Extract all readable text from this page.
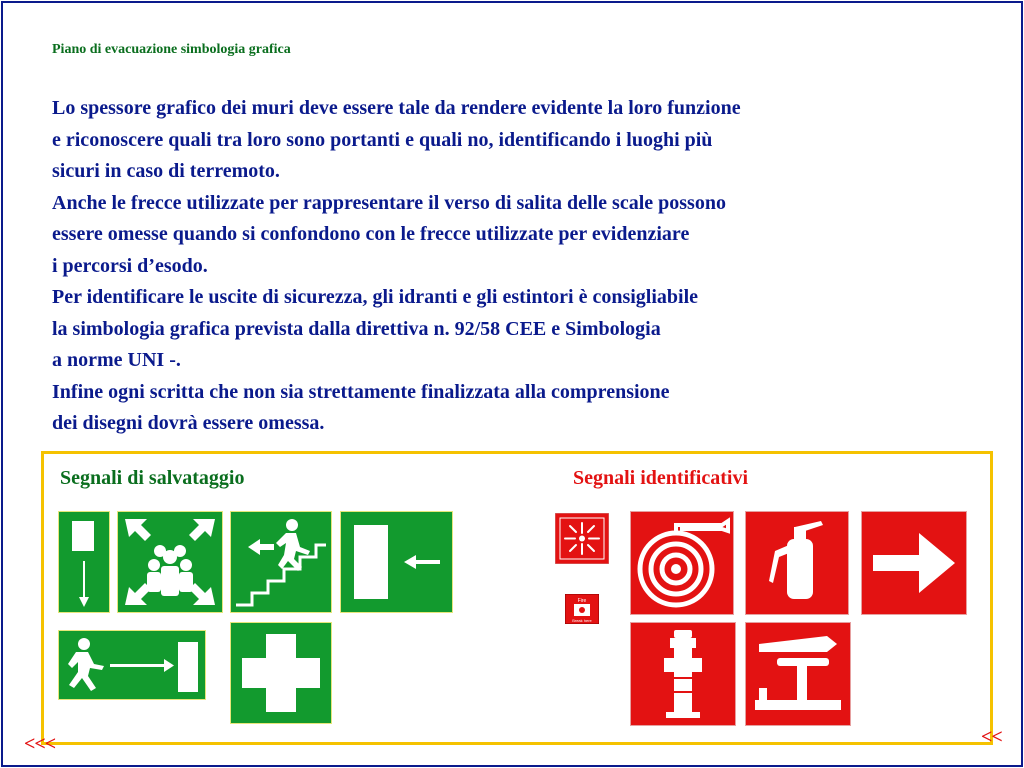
Piano di evacuazione simbologia grafica
Lo spessore grafico dei muri deve essere tale da rendere evidente la loro funzione
e riconoscere quali tra loro sono portanti e quali no, identificando i luoghi più
sicuri in caso di terremoto.
Anche le frecce utilizzate per rappresentare il verso di salita delle scale possono
essere omesse quando si confondono con le frecce utilizzate per evidenziare
i percorsi d’esodo.
Per identificare le uscite di sicurezza, gli idranti e gli estintori è consigliabile
la simbologia grafica prevista dalla direttiva n. 92/58 CEE e Simbologia
a norme UNI -.
Infine ogni scritta che non sia strettamente finalizzata alla comprensione
dei disegni dovrà essere omessa.
Segnali di salvataggio	Segnali identificativi
Fire
Break here
<<<	<<
